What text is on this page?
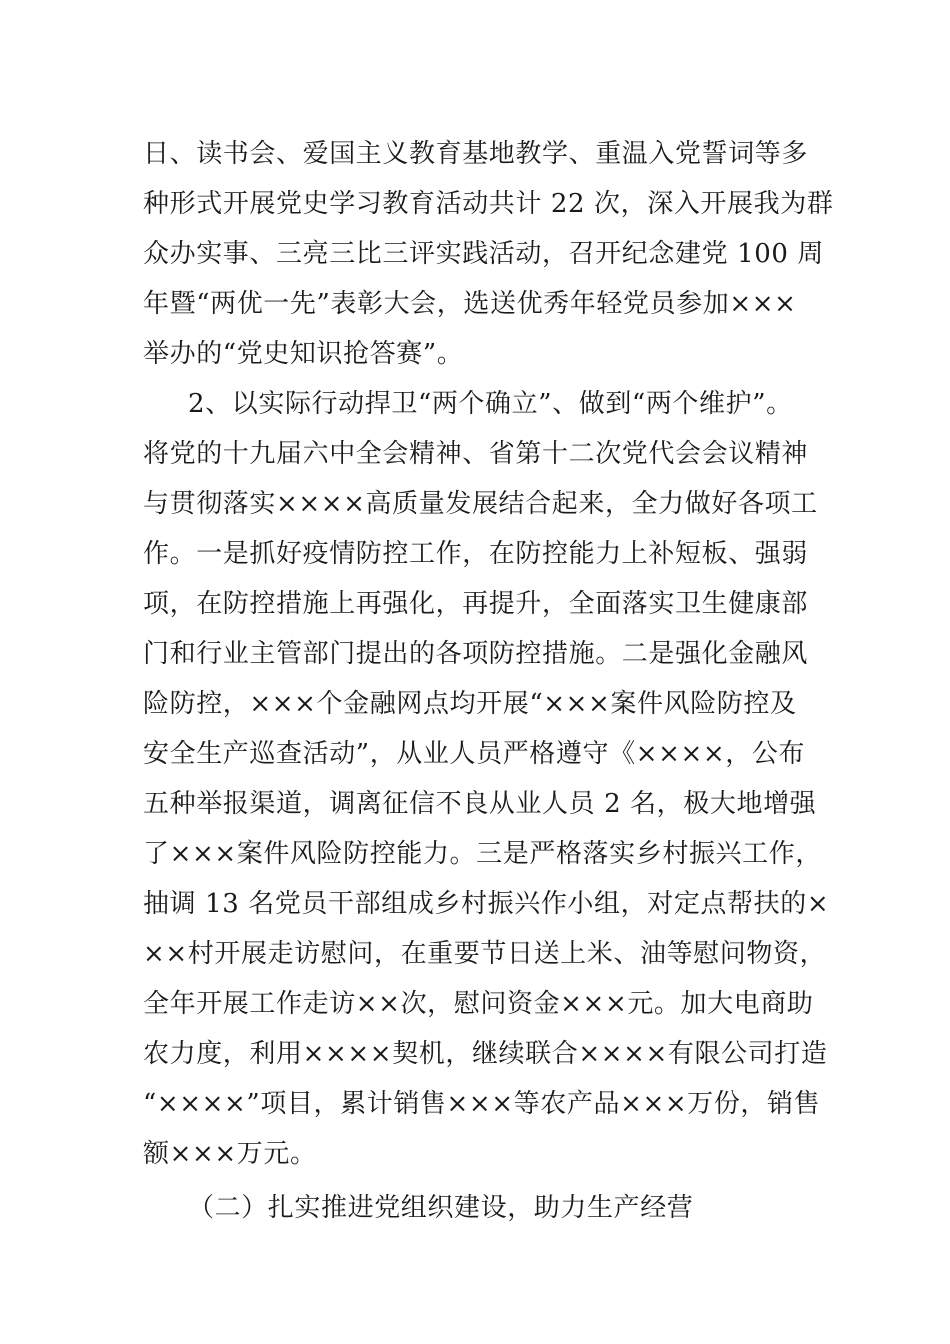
日、读书会、爱国主义教育基地教学、重温入党誓词等多
种形式开展党史学习教育活动共计 22 次，深入开展我为群
众办实事、三亮三比三评实践活动，召开纪念建党 100 周
年暨“两优一先”表彰大会，选送优秀年轻党员参加×××
举办的“党史知识抢答赛”。
2、以实际行动捍卫“两个确立”、做到“两个维护”。
将党的十九届六中全会精神、省第十二次党代会会议精神
与贯彻落实××××高质量发展结合起来，全力做好各项工
作。一是抓好疫情防控工作，在防控能力上补短板、强弱
项，在防控措施上再强化，再提升，全面落实卫生健康部
门和行业主管部门提出的各项防控措施。二是强化金融风
险防控，×××个金融网点均开展“×××案件风险防控及
安全生产巡查活动”，从业人员严格遵守《××××，公布
五种举报渠道，调离征信不良从业人员 2 名，极大地增强
了×××案件风险防控能力。三是严格落实乡村振兴工作，
抽调 13 名党员干部组成乡村振兴作小组，对定点帮扶的×
××村开展走访慰问，在重要节日送上米、油等慰问物资，
全年开展工作走访××次，慰问资金×××元。加大电商助
农力度，利用××××契机，继续联合××××有限公司打造
“××××”项目，累计销售×××等农产品×××万份，销售
额×××万元。
（二）扎实推进党组织建设，助力生产经营
